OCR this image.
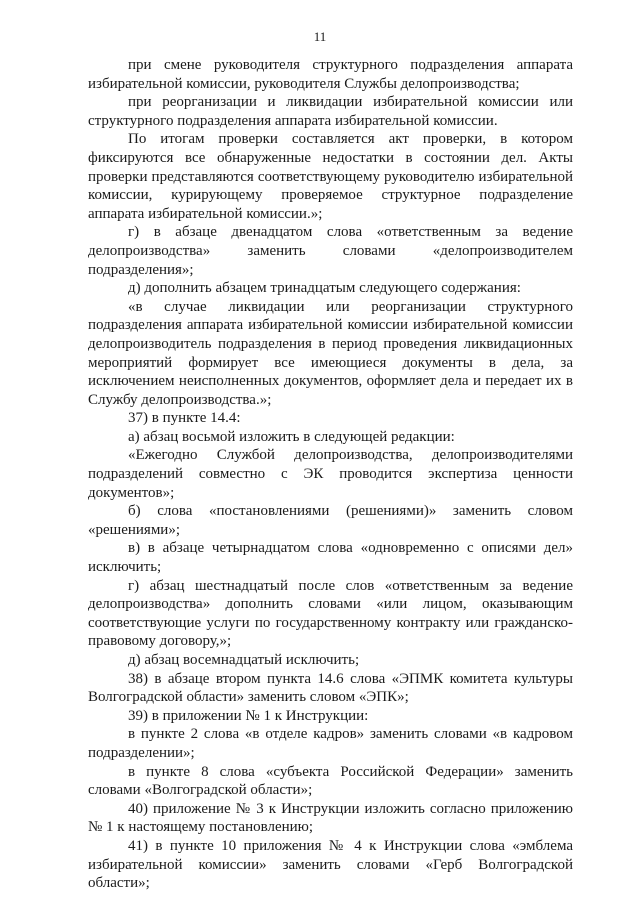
11

при смене руководителя структурного подразделения аппарата избирательной комиссии, руководителя Службы делопроизводства;

при реорганизации и ликвидации избирательной комиссии или структурного подразделения аппарата избирательной комиссии.

По итогам проверки составляется акт проверки, в котором фиксируются все обнаруженные недостатки в состоянии дел. Акты проверки представляются соответствующему руководителю избирательной комиссии, курирующему проверяемое структурное подразделение аппарата избирательной комиссии.»;

г) в абзаце двенадцатом слова «ответственным за ведение делопроизводства» заменить словами «делопроизводителем подразделения»;

д) дополнить абзацем тринадцатым следующего содержания:

«в случае ликвидации или реорганизации структурного подразделения аппарата избирательной комиссии избирательной комиссии делопроизводитель подразделения в период проведения ликвидационных мероприятий формирует все имеющиеся документы в дела, за исключением неисполненных документов, оформляет дела и передает их в Службу делопроизводства.»;

37) в пункте 14.4:

а) абзац восьмой изложить в следующей редакции:

«Ежегодно Службой делопроизводства, делопроизводителями подразделений совместно с ЭК проводится экспертиза ценности документов»;

б) слова «постановлениями (решениями)» заменить словом «решениями»;

в) в абзаце четырнадцатом слова «одновременно с описями дел» исключить;

г) абзац шестнадцатый после слов «ответственным за ведение делопроизводства» дополнить словами «или лицом, оказывающим соответствующие услуги по государственному контракту или гражданско-правовому договору,»;

д) абзац восемнадцатый исключить;

38) в абзаце втором пункта 14.6 слова «ЭПМК комитета культуры Волгоградской области» заменить словом «ЭПК»;

39) в приложении № 1 к Инструкции:

в пункте 2 слова «в отделе кадров» заменить словами «в кадровом подразделении»;

в пункте 8 слова «субъекта Российской Федерации» заменить словами «Волгоградской области»;

40) приложение № 3 к Инструкции изложить согласно приложению № 1 к настоящему постановлению;

41) в пункте 10 приложения № 4 к Инструкции слова «эмблема избирательной комиссии» заменить словами «Герб Волгоградской области»;
